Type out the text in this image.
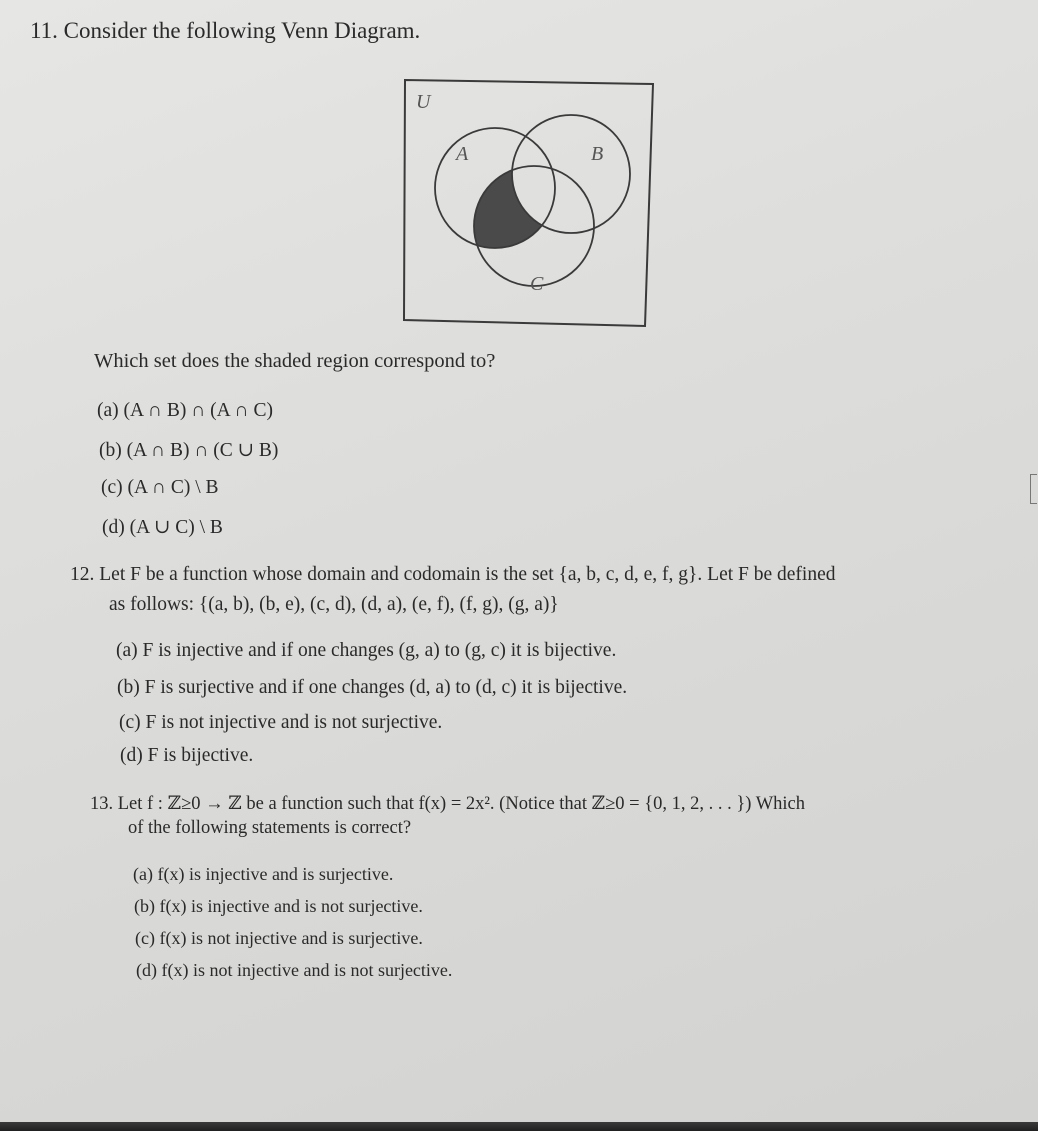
11. Consider the following Venn Diagram.
U
A	B
C
Which set does the shaded region correspond to?
(a) (A ∩ B) ∩ (A ∩ C)
(b) (A ∩ B) ∩ (C ∪ B)
(c) (A ∩ C) \ B
(d) (A ∪ C) \ B
12. Let F be a function whose domain and codomain is the set {a, b, c, d, e, f, g}. Let F be defined
as follows: {(a, b), (b, e), (c, d), (d, a), (e, f), (f, g), (g, a)}
(a) F is injective and if one changes (g, a) to (g, c) it is bijective.
(b) F is surjective and if one changes (d, a) to (d, c) it is bijective.
(c) F is not injective and is not surjective.
(d) F is bijective.
13. Let f : ℤ≥0 → ℤ be a function such that f(x) = 2x². (Notice that ℤ≥0 = {0, 1, 2, . . . }) Which
of the following statements is correct?
(a) f(x) is injective and is surjective.
(b) f(x) is injective and is not surjective.
(c) f(x) is not injective and is surjective.
(d) f(x) is not injective and is not surjective.
